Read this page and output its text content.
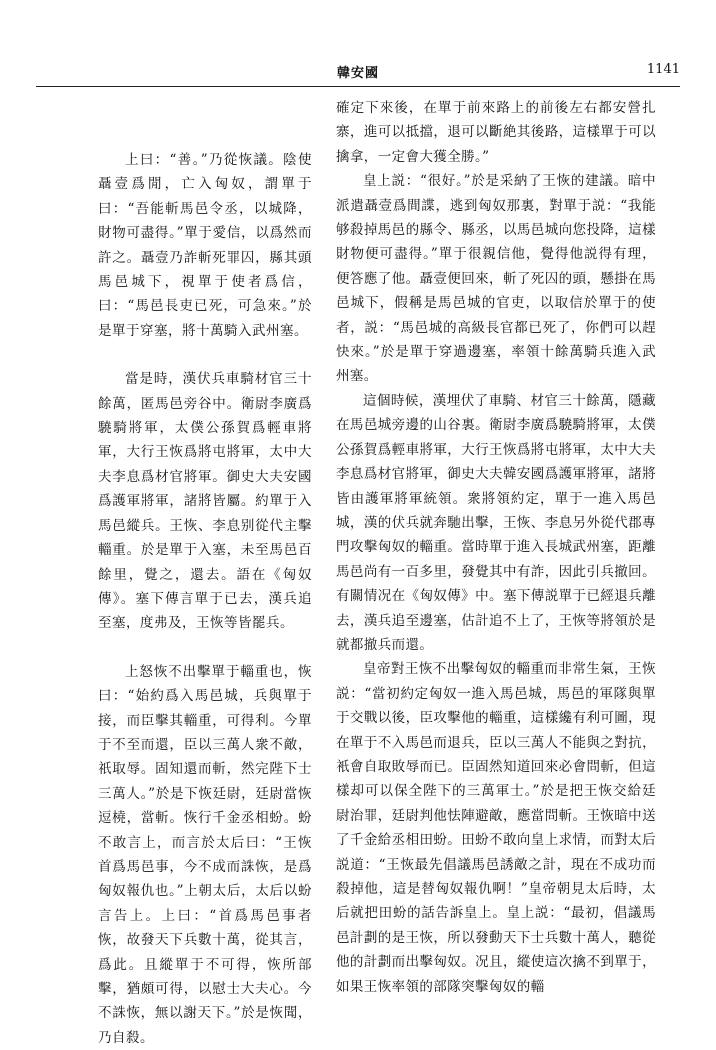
韓安國	1141

上曰：“善。”乃從恢議。陰使聶壹爲閒，亡入匈奴，謂單于曰：“吾能斬馬邑令丞，以城降，財物可盡得。”單于愛信，以爲然而許之。聶壹乃詐斬死罪囚，縣其頭馬邑城下，視單于使者爲信，曰：“馬邑長吏已死，可急來。”於是單于穿塞，將十萬騎入武州塞。

當是時，漢伏兵車騎材官三十餘萬，匿馬邑旁谷中。衛尉李廣爲驍騎將軍，太僕公孫賀爲輕車將軍，大行王恢爲將屯將軍，太中大夫李息爲材官將軍。御史大夫安國爲護軍將軍，諸將皆屬。約單于入馬邑縱兵。王恢、李息别從代主擊輜重。於是單于入塞，未至馬邑百餘里，覺之，還去。語在《匈奴傳》。塞下傳言單于已去，漢兵追至塞，度弗及，王恢等皆罷兵。

上怒恢不出擊單于輜重也，恢曰：“始約爲入馬邑城，兵與單于接，而臣擊其輜重，可得利。今單于不至而還，臣以三萬人衆不敵，祇取辱。固知還而斬，然完陛下士三萬人。”於是下恢廷尉，廷尉當恢逗橈，當斬。恢行千金丞相蚡。蚡不敢言上，而言於太后曰：“王恢首爲馬邑事，今不成而誅恢，是爲匈奴報仇也。”上朝太后，太后以蚡言告上。上曰：“首爲馬邑事者恢，故發天下兵數十萬，從其言，爲此。且縱單于不可得，恢所部擊，猶頗可得，以慰士大夫心。今不誅恢，無以謝天下。”於是恢聞，乃自殺。

確定下來後，在單于前來路上的前後左右都安營扎寨，進可以抵擋，退可以斷絶其後路，這樣單于可以擒拿，一定會大獲全勝。”

皇上説：“很好。”於是采納了王恢的建議。暗中派遣聶壹爲間諜，逃到匈奴那裏，對單于説：“我能够殺掉馬邑的縣令、縣丞，以馬邑城向您投降，這樣財物便可盡得。”單于很親信他，覺得他説得有理，便答應了他。聶壹便回來，斬了死囚的頭，懸掛在馬邑城下，假稱是馬邑城的官吏，以取信於單于的使者，説：“馬邑城的高級長官都已死了，你們可以趕快來。”於是單于穿過邊塞，率領十餘萬騎兵進入武州塞。

這個時候，漢埋伏了車騎、材官三十餘萬，隱藏在馬邑城旁邊的山谷裏。衛尉李廣爲驍騎將軍，太僕公孫賀爲輕車將軍，大行王恢爲將屯將軍，太中大夫李息爲材官將軍，御史大夫韓安國爲護軍將軍，諸將皆由護軍將軍統領。衆將領約定，單于一進入馬邑城，漢的伏兵就奔馳出擊，王恢、李息另外從代郡專門攻擊匈奴的輜重。當時單于進入長城武州塞，距離馬邑尚有一百多里，發覺其中有詐，因此引兵撤回。有關情况在《匈奴傳》中。塞下傳説單于已經退兵離去，漢兵追至邊塞，估計追不上了，王恢等將領於是就都撤兵而還。

皇帝對王恢不出擊匈奴的輜重而非常生氣，王恢説：“當初約定匈奴一進入馬邑城，馬邑的軍隊與單于交戰以後，臣攻擊他的輜重，這樣纔有利可圖，現在單于不入馬邑而退兵，臣以三萬人不能與之對抗，衹會自取敗辱而已。臣固然知道回來必會問斬，但這樣却可以保全陛下的三萬軍士。”於是把王恢交給廷尉治罪，廷尉判他怯陣避敵，應當問斬。王恢暗中送了千金給丞相田蚡。田蚡不敢向皇上求情，而對太后説道：“王恢最先倡議馬邑誘敵之計，現在不成功而殺掉他，這是替匈奴報仇啊！”皇帝朝見太后時，太后就把田蚡的話告訴皇上。皇上説：“最初，倡議馬邑計劃的是王恢，所以發動天下士兵數十萬人，聽從他的計劃而出擊匈奴。况且，縱使這次擒不到單于，如果王恢率領的部隊突擊匈奴的輜
